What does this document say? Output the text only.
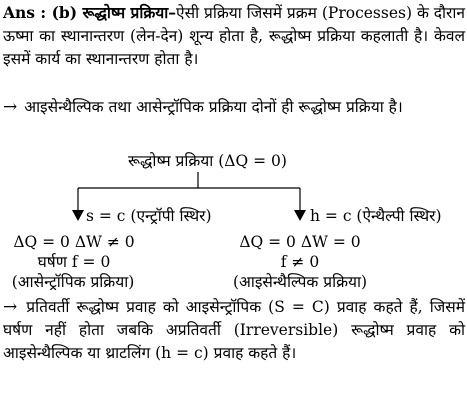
Ans : (b) रूद्धोष्म प्रक्रिया–ऐसी प्रक्रिया जिसमें प्रक्रम (Processes) के दौरान ऊष्मा का स्थानान्तरण (लेन-देन) शून्य होता है, रूद्धोष्म प्रक्रिया कहलाती है। केवल इसमें कार्य का स्थानान्तरण होता है।
→ आइसेन्थैल्पिक तथा आसेन्ट्रॉपिक प्रक्रिया दोनों ही रूद्धोष्म प्रक्रिया है।
रूद्धोष्म प्रक्रिया (ΔQ = 0)
s = c (एन्ट्रॉपी स्थिर)	h = c (ऐन्थैल्पी स्थिर)
ΔQ = 0 ΔW ≠ 0
घर्षण f = 0
(आसेन्ट्रॉपिक प्रक्रिया)
ΔQ = 0 ΔW = 0
f ≠ 0
(आइसेन्थैल्पिक प्रक्रिया)
→ प्रतिवर्ती रूद्धोष्म प्रवाह को आइसेन्ट्रॉपिक (S = C) प्रवाह कहते हैं, जिसमें घर्षण नहीं होता जबकि अप्रतिवर्ती (Irreversible) रूद्धोष्म प्रवाह को आइसेन्थैल्पिक या थ्राटलिंग (h = c) प्रवाह कहते हैं।
